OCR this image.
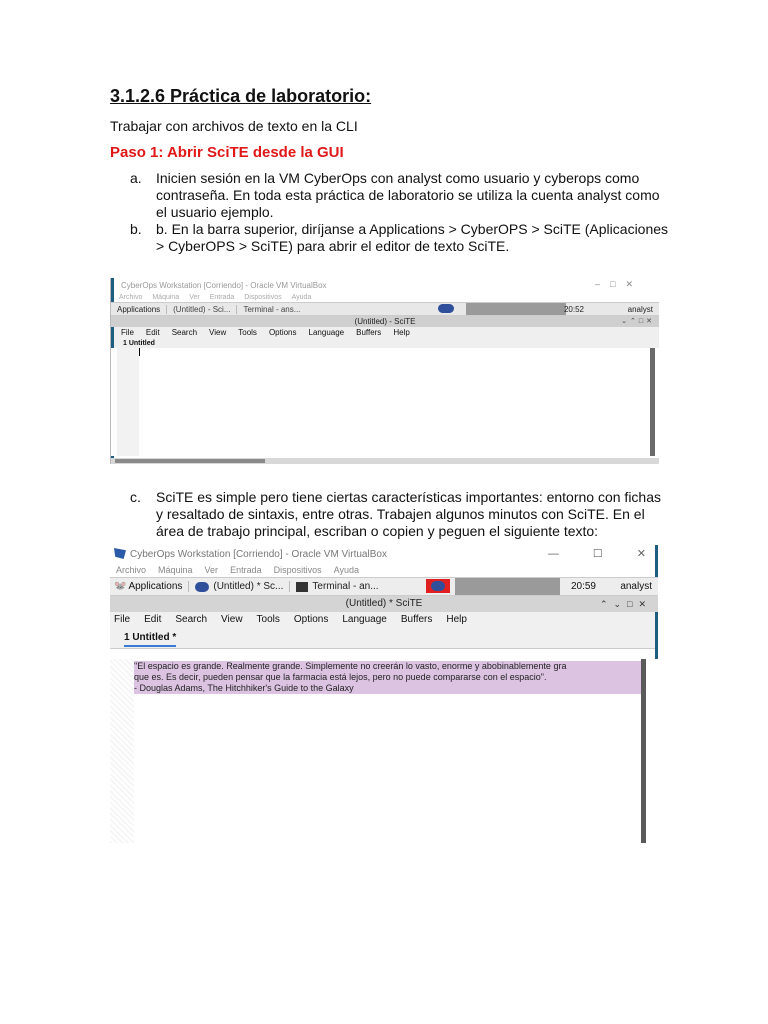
3.1.2.6 Práctica de laboratorio:
Trabajar con archivos de texto en la CLI
Paso 1: Abrir SciTE desde la GUI
a. Inicien sesión en la VM CyberOps con analyst como usuario y cyberops como contraseña. En toda esta práctica de laboratorio se utiliza la cuenta analyst como el usuario ejemplo.
b. b. En la barra superior, diríjanse a Applications > CyberOPS > SciTE (Aplicaciones > CyberOPS > SciTE) para abrir el editor de texto SciTE.
CyberOps Workstation [Corriendo] - Oracle VM VirtualBox	–□✕
Archivo Máquina Ver Entrada Dispositivos Ayuda
Applications	(Untitled) - Sci...	Terminal - ans...	20:52	analyst
(Untitled) - SciTE	⌄⌃□✕
File Edit Search View Tools Options Language Buffers Help
1 Untitled
c. SciTE es simple pero tiene ciertas características importantes: entorno con fichas y resaltado de sintaxis, entre otras. Trabajen algunos minutos con SciTE. En el área de trabajo principal, escriban o copien y peguen el siguiente texto:
CyberOps Workstation [Corriendo] - Oracle VM VirtualBox	—	☐	✕
Archivo Máquina Ver Entrada Dispositivos Ayuda
🐭 Applications	(Untitled) * Sc...	Terminal - an...	20:59 analyst
(Untitled) * SciTE	⌃⌄□✕
File Edit Search View Tools Options Language Buffers Help
1 Untitled *
"El espacio es grande. Realmente grande. Simplemente no creerán lo vasto, enorme y abobinablemente gra
que es. Es decir, pueden pensar que la farmacia está lejos, pero no puede compararse con el espacio".
- Douglas Adams, The Hitchhiker's Guide to the Galaxy
